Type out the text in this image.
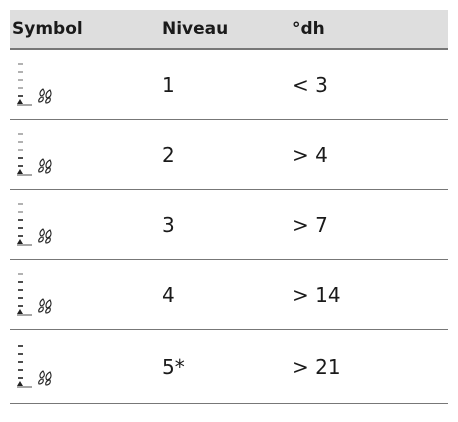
Symbol	Niveau	°dh
1	< 3
2	> 4
3	> 7
4	> 14
5*	> 21
